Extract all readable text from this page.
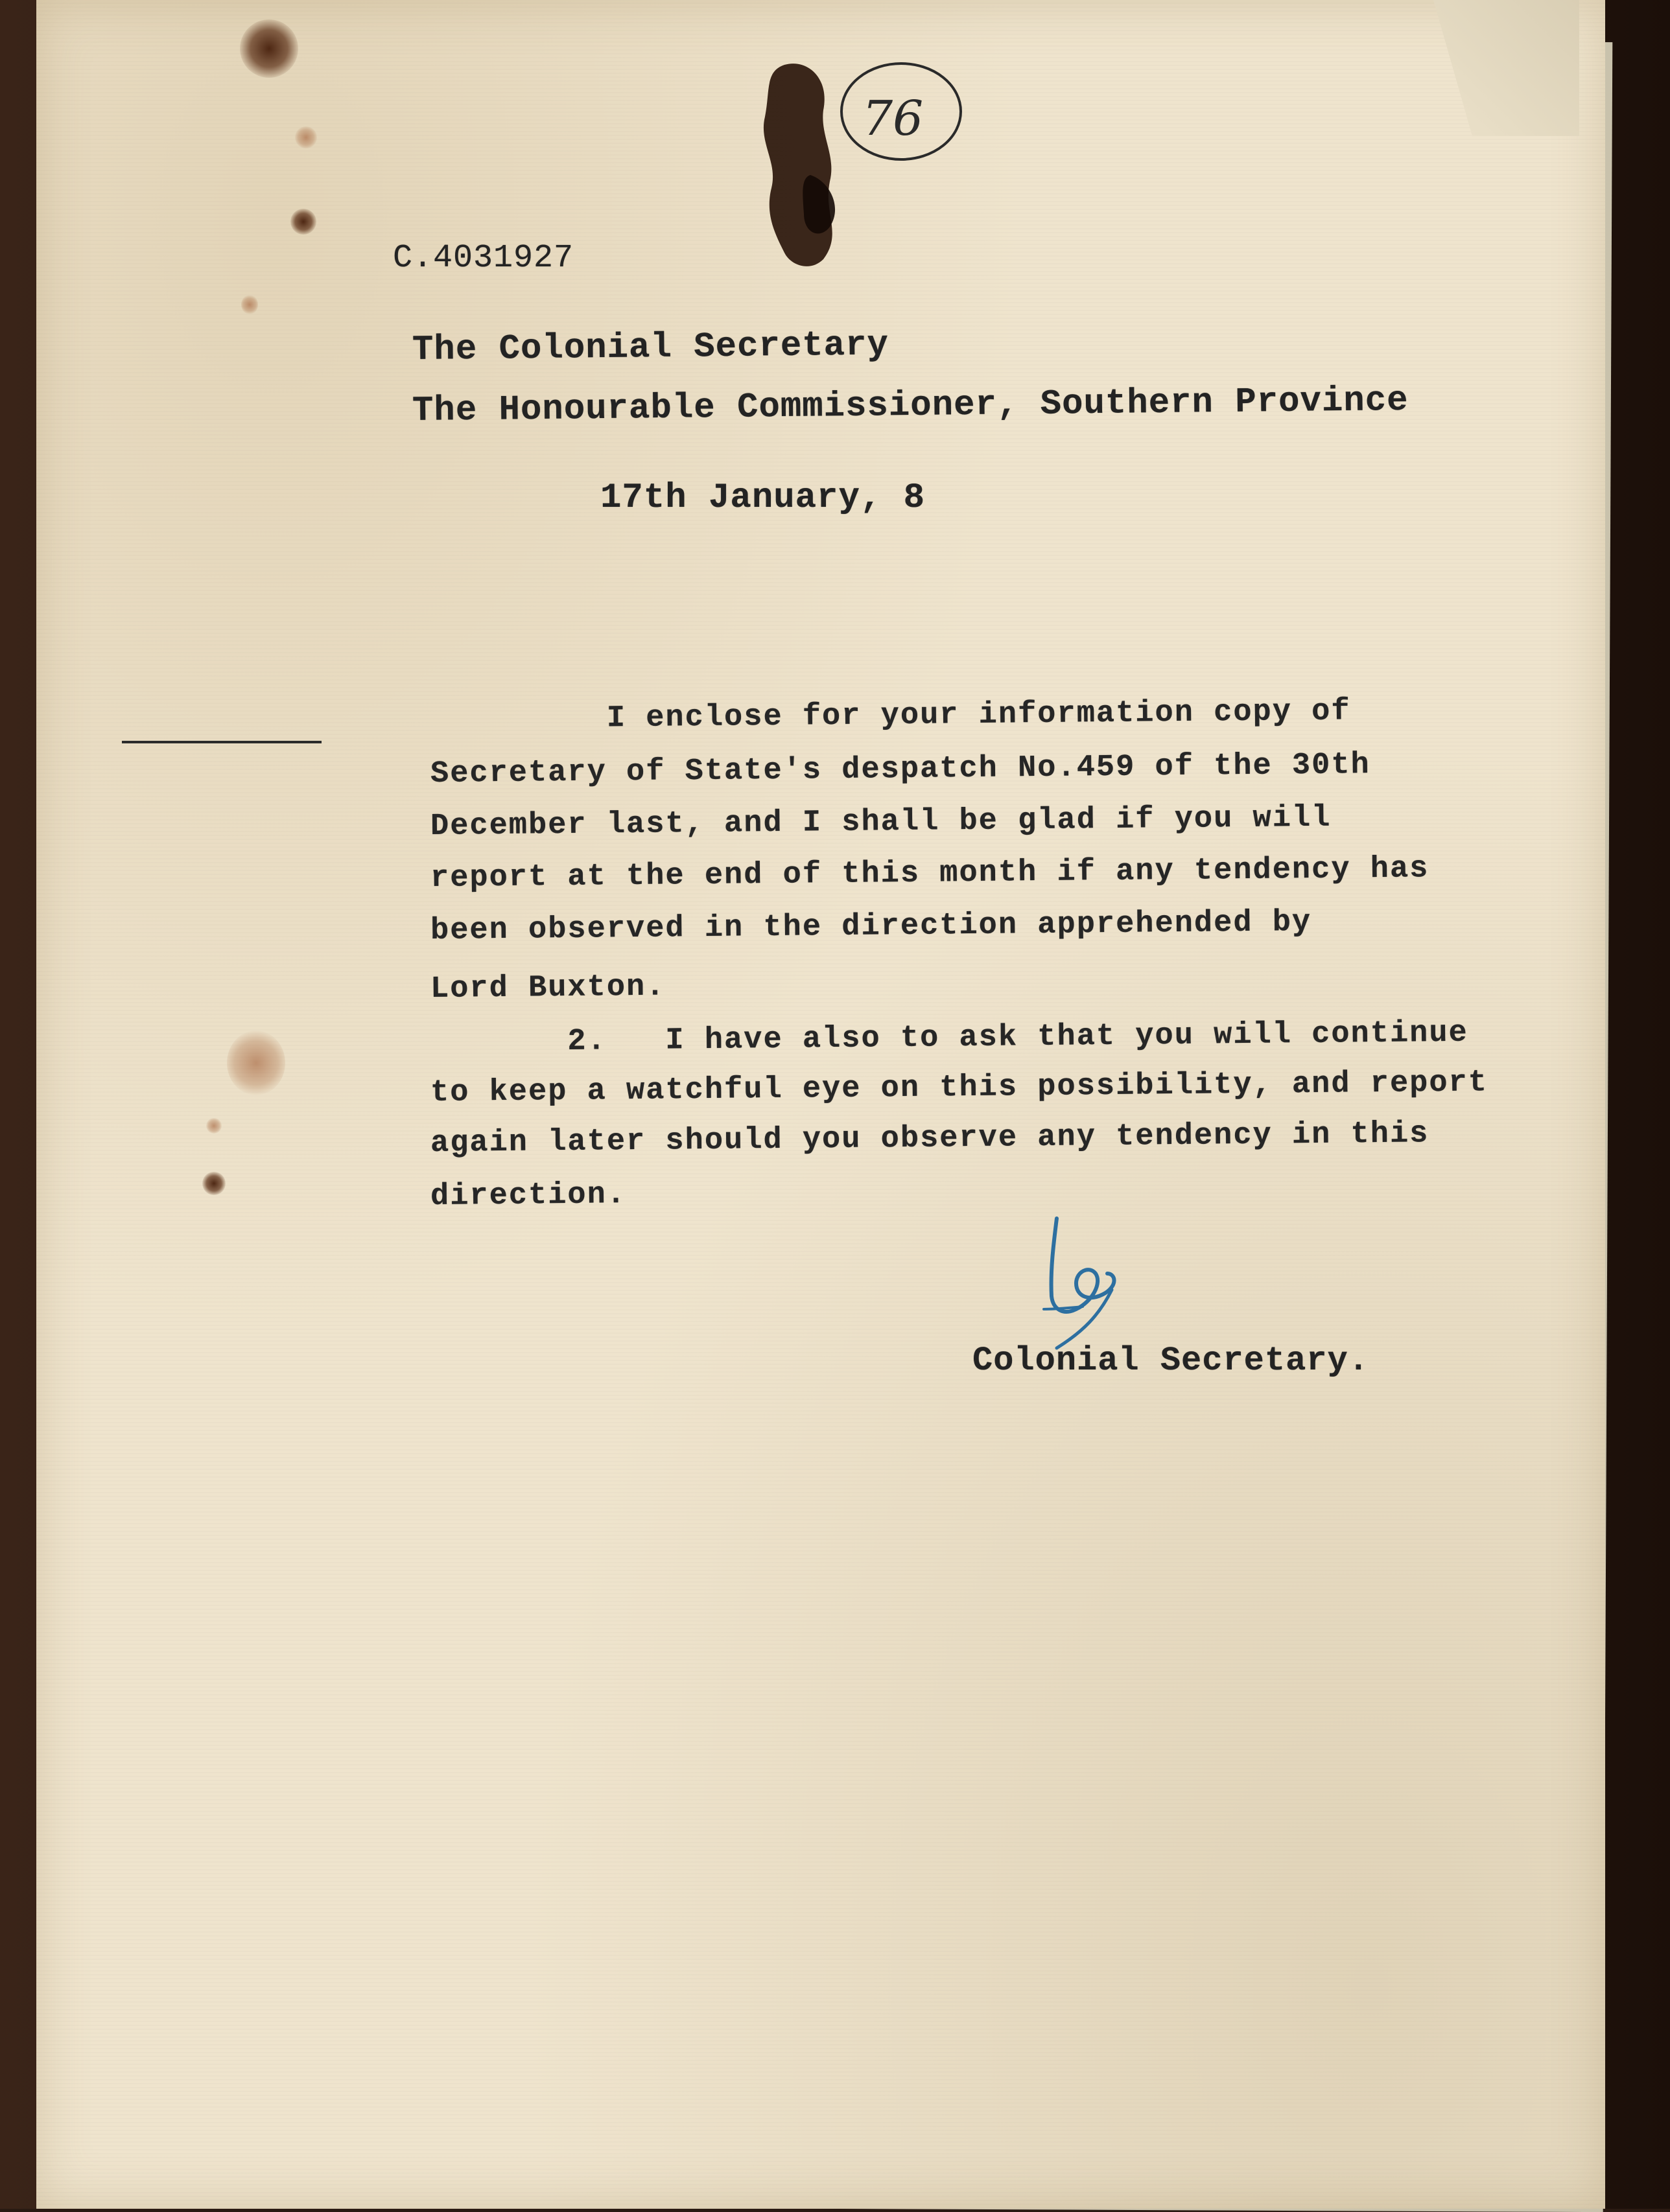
76
C.4031927
The Colonial Secretary
The Honourable Commissioner, Southern Province
17th January, 8
I enclose for your information copy of
Secretary of State's despatch No.459 of the 30th
December last, and I shall be glad if you will
report at the end of this month if any tendency has
been observed in the direction apprehended by
Lord Buxton.
2.   I have also to ask that you will continue
to keep a watchful eye on this possibility, and report
again later should you observe any tendency in this
direction.
Colonial Secretary.
